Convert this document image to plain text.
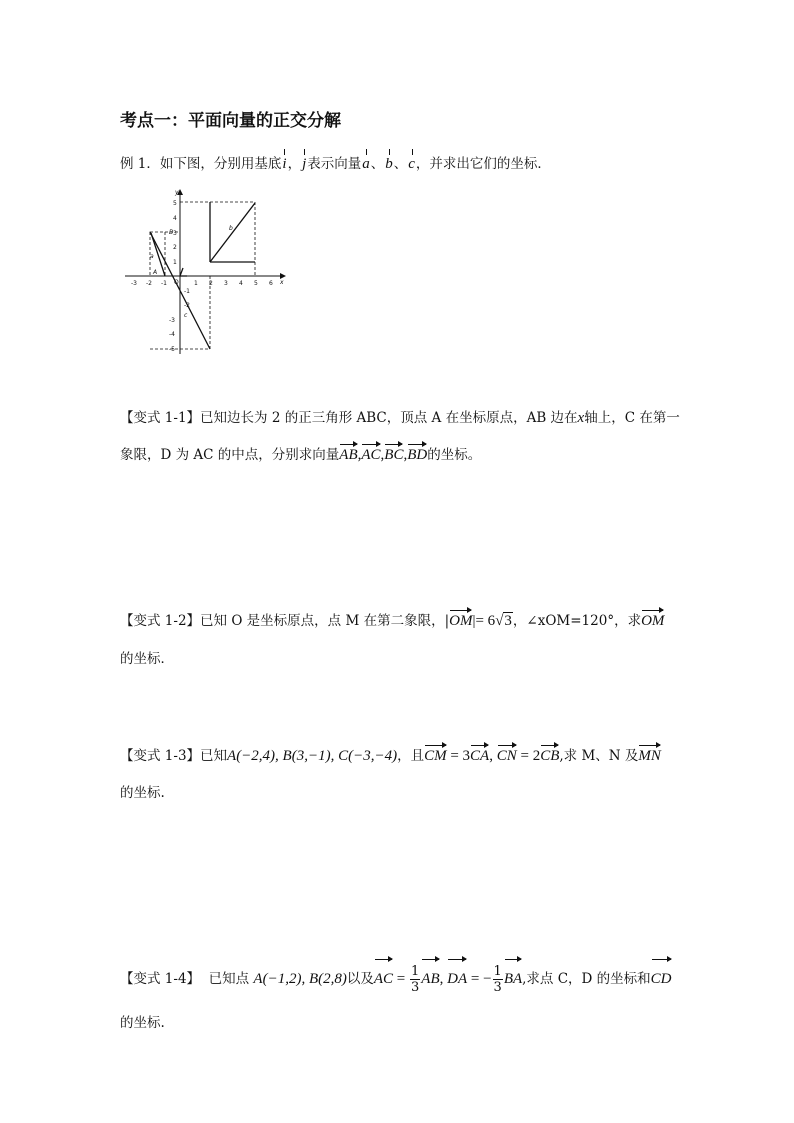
考点一：平面向量的正交分解
例 1．如下图，分别用基底i，j表示向量a、b、c，并求出它们的坐标．
-3 -2 -1 O	1 2 3 4 5 6
1
2
3
4
5
-1
-2
-3
-4
-5
x
y
A
B
a
b
c
【变式 1-1】已知边长为 2 的正三角形 ABC，顶点 A 在坐标原点，AB 边在x轴上，C 在第一
象限，D 为 AC 的中点，分别求向量AB,AC,BC,BD的坐标。
【变式 1-2】已知 O 是坐标原点，点 M 在第二象限，|OM|= 6√3，∠xOM=120°，求OM
的坐标．
【变式 1-3】已知A(−2,4), B(3,−1), C(−3,−4)，且CM = 3CA, CN = 2CB,求 M、N 及MN
的坐标.
【变式 1-4】 已知点 A(−1,2), B(2,8)以及AC = $\frac{1}{3}$ AB, DA = − $\frac{1}{3}$ BA,求点 C，D 的坐标和CD
的坐标.
